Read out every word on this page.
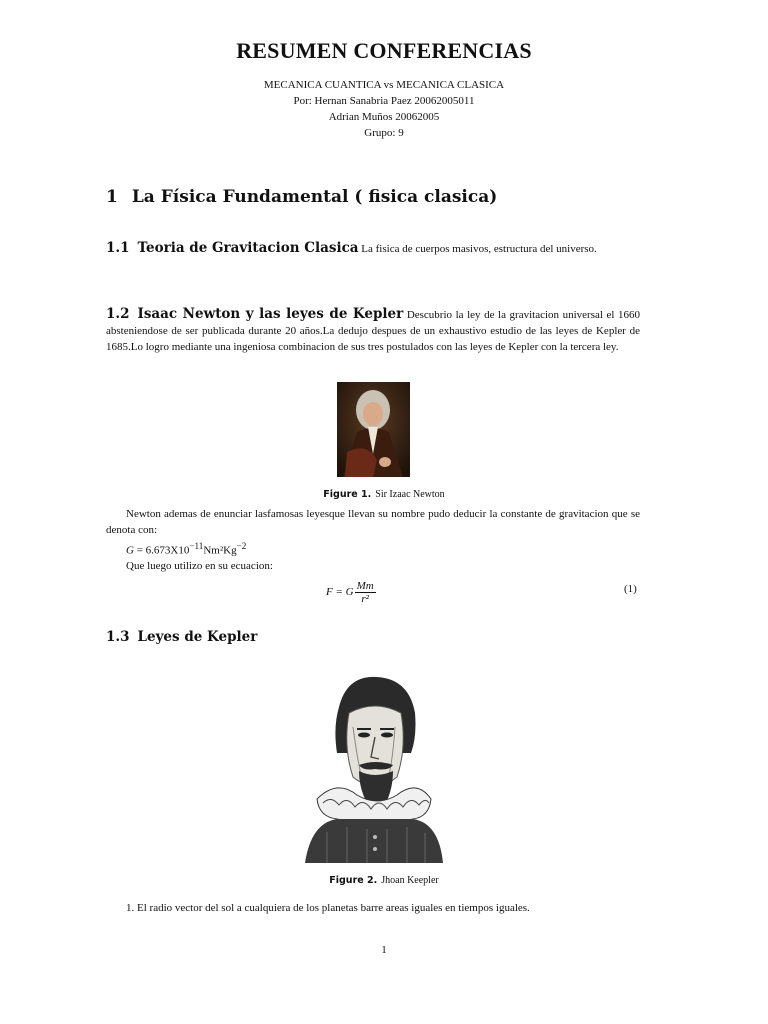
RESUMEN CONFERENCIAS
MECANICA CUANTICA vs MECANICA CLASICA
Por: Hernan Sanabria Paez 20062005011
Adrian Muños 20062005
Grupo: 9
1 La Física Fundamental ( fisica clasica)
1.1 Teoria de Gravitacion Clasica La fisica de cuerpos masivos, estructura del universo.
1.2 Isaac Newton y las leyes de Kepler Descubrio la ley de la gravitacion universal el 1660 absteniendose de ser publicada durante 20 años.La dedujo despues de un exhaustivo estudio de las leyes de Kepler de 1685.Lo logro mediante una ingeniosa combinacion de sus tres postulados con las leyes de Kepler con la tercera ley.
Figure 1. Sir Izaac Newton
Newton ademas de enunciar lasfamosas leyesque llevan su nombre pudo deducir la constante de gravitacion que se denota con:
$G = 6.673X10^{-11}Nm^2Kg^{-2}$
Que luego utilizo en su ecuacion:
F = G $\frac{Mm}{\text{r²}}$	(1)
1.3 Leyes de Kepler
Figure 2. Jhoan Keepler
1. El radio vector del sol a cualquiera de los planetas barre areas iguales en tiempos iguales.
1
